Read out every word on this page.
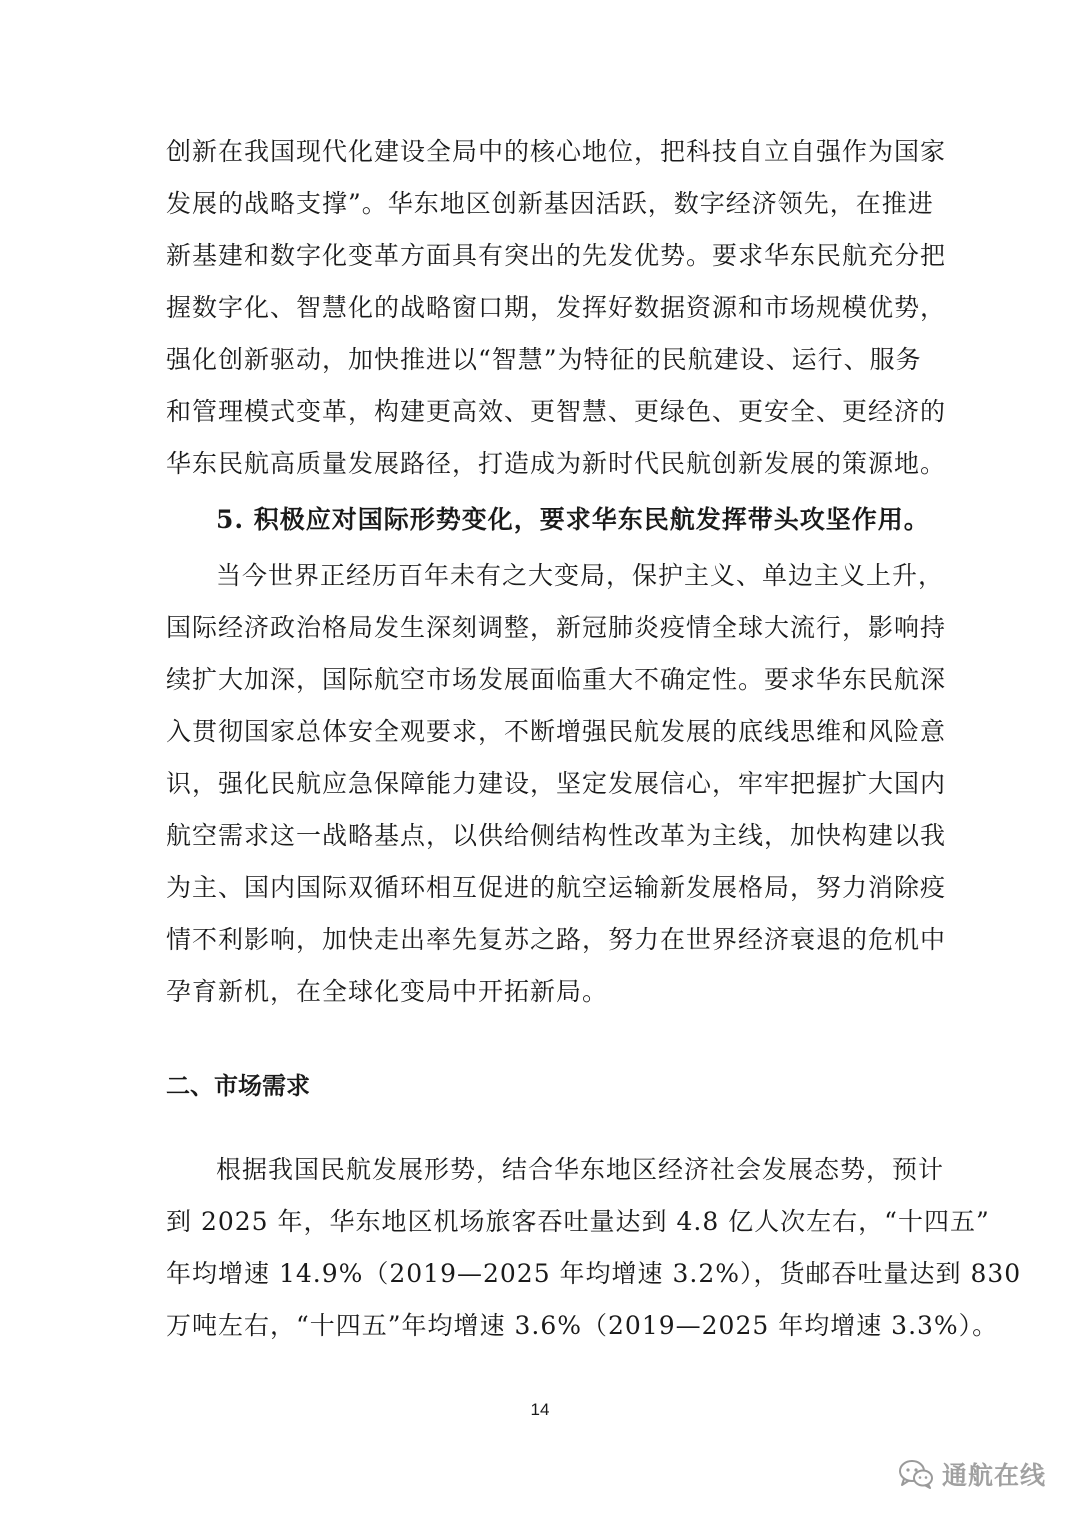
创新在我国现代化建设全局中的核心地位，把科技自立自强作为国家
发展的战略支撑”。华东地区创新基因活跃，数字经济领先，在推进
新基建和数字化变革方面具有突出的先发优势。要求华东民航充分把
握数字化、智慧化的战略窗口期，发挥好数据资源和市场规模优势，
强化创新驱动，加快推进以“智慧”为特征的民航建设、运行、服务
和管理模式变革，构建更高效、更智慧、更绿色、更安全、更经济的
华东民航高质量发展路径，打造成为新时代民航创新发展的策源地。
5. 积极应对国际形势变化，要求华东民航发挥带头攻坚作用。
当今世界正经历百年未有之大变局，保护主义、单边主义上升，
国际经济政治格局发生深刻调整，新冠肺炎疫情全球大流行，影响持
续扩大加深，国际航空市场发展面临重大不确定性。要求华东民航深
入贯彻国家总体安全观要求，不断增强民航发展的底线思维和风险意
识，强化民航应急保障能力建设，坚定发展信心，牢牢把握扩大国内
航空需求这一战略基点，以供给侧结构性改革为主线，加快构建以我
为主、国内国际双循环相互促进的航空运输新发展格局，努力消除疫
情不利影响，加快走出率先复苏之路，努力在世界经济衰退的危机中
孕育新机，在全球化变局中开拓新局。
二、市场需求
根据我国民航发展形势，结合华东地区经济社会发展态势，预计
到 2025 年，华东地区机场旅客吞吐量达到 4.8 亿人次左右，“十四五”
年均增速 14.9%（2019—2025 年均增速 3.2%），货邮吞吐量达到 830
万吨左右，“十四五”年均增速 3.6%（2019—2025 年均增速 3.3%）。
14
通航在线
